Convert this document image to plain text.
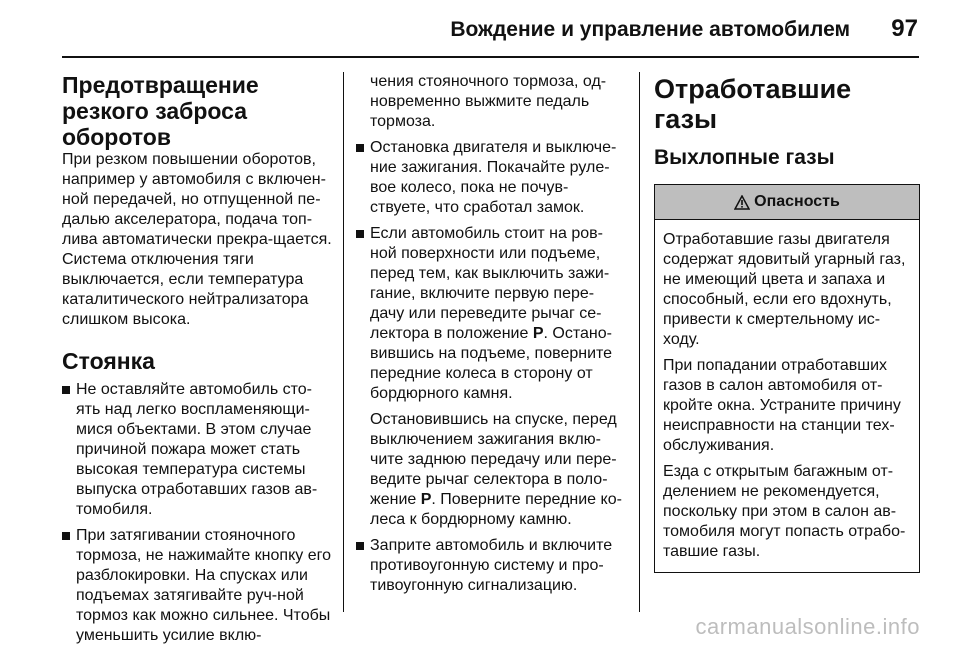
Вождение и управление автомобилем 97
Предотвращение резкого заброса оборотов

При резком повышении оборотов, например у автомобиля с включен-ной передачей, но отпущенной пе-далью акселератора, подача топ-лива автоматически прекра-щается. Система отключения тяги выключается, если температура каталитического нейтрализатора слишком высока.

Стоянка
Не оставляйте автомобиль сто-ять над легко воспламеняющи-мися объектами. В этом случае причиной пожара может стать высокая температура системы выпуска отработавших газов ав-томобиля.
При затягивании стояночного тормоза, не нажимайте кнопку его разблокировки. На спусках или подъемах затягивайте руч-ной тормоз как можно сильнее. Чтобы уменьшить усилие вклю-

чения стояночного тормоза, од-новременно выжмите педаль тормоза.

Остановка двигателя и выключе-ние зажигания. Покачайте руле-вое колесо, пока не почув-ствуете, что сработал замок.
Если автомобиль стоит на ров-ной поверхности или подъеме, перед тем, как выключить зажи-гание, включите первую пере-дачу или переведите рычаг се-лектора в положение P. Остано-вившись на подъеме, поверните передние колеса в сторону от бордюрного камня.

Остановившись на спуске, перед выключением зажигания вклю-чите заднюю передачу или пере-ведите рычаг селектора в поло-жение P. Поверните передние ко-леса к бордюрному камню.

Заприте автомобиль и включите противоугонную систему и про-тивоугонную сигнализацию.
Отработавшие газы
Выхлопные газы
Опасность

Отработавшие газы двигателя содержат ядовитый угарный газ, не имеющий цвета и запаха и способный, если его вдохнуть, привести к смертельному ис-ходу.

При попадании отработавших газов в салон автомобиля от-кройте окна. Устраните причину неисправности на станции тех-обслуживания.

Езда с открытым багажным от-делением не рекомендуется, поскольку при этом в салон ав-томобиля могут попасть отрабо-тавшие газы.

carmanualsonline.info
